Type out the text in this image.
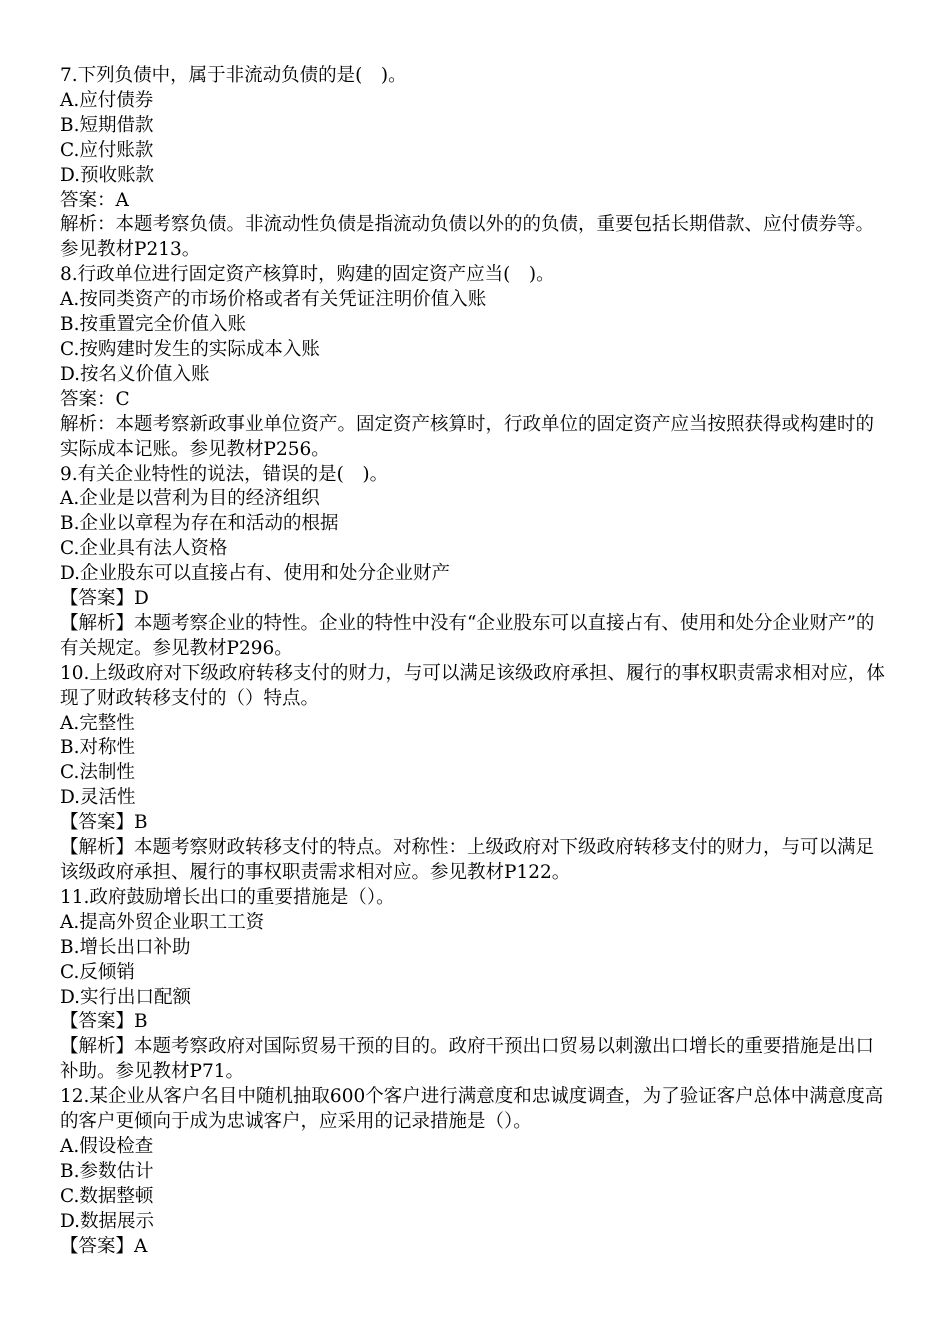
7.下列负债中，属于非流动负债的是(　)。

A.应付债券

B.短期借款

C.应付账款

D.预收账款

答案：A

解析：本题考察负债。非流动性负债是指流动负债以外的的负债，重要包括长期借款、应付债券等。参见教材P213。

8.行政单位进行固定资产核算时，购建的固定资产应当(　)。

A.按同类资产的市场价格或者有关凭证注明价值入账

B.按重置完全价值入账

C.按购建时发生的实际成本入账

D.按名义价值入账

答案：C

解析：本题考察新政事业单位资产。固定资产核算时，行政单位的固定资产应当按照获得或构建时的实际成本记账。参见教材P256。

9.有关企业特性的说法，错误的是(　)。

A.企业是以营利为目的经济组织

B.企业以章程为存在和活动的根据

C.企业具有法人资格

D.企业股东可以直接占有、使用和处分企业财产

【答案】D

【解析】本题考察企业的特性。企业的特性中没有“企业股东可以直接占有、使用和处分企业财产”的有关规定。参见教材P296。

10.上级政府对下级政府转移支付的财力，与可以满足该级政府承担、履行的事权职责需求相对应，体现了财政转移支付的（）特点。

A.完整性

B.对称性

C.法制性

D.灵活性

【答案】B

【解析】本题考察财政转移支付的特点。对称性：上级政府对下级政府转移支付的财力，与可以满足该级政府承担、履行的事权职责需求相对应。参见教材P122。

11.政府鼓励增长出口的重要措施是（）。

A.提高外贸企业职工工资

B.增长出口补助

C.反倾销

D.实行出口配额

【答案】B

【解析】本题考察政府对国际贸易干预的目的。政府干预出口贸易以刺激出口增长的重要措施是出口补助。参见教材P71。

12.某企业从客户名目中随机抽取600个客户进行满意度和忠诚度调查，为了验证客户总体中满意度高的客户更倾向于成为忠诚客户，应采用的记录措施是（）。

A.假设检查

B.参数估计

C.数据整顿

D.数据展示

【答案】A
